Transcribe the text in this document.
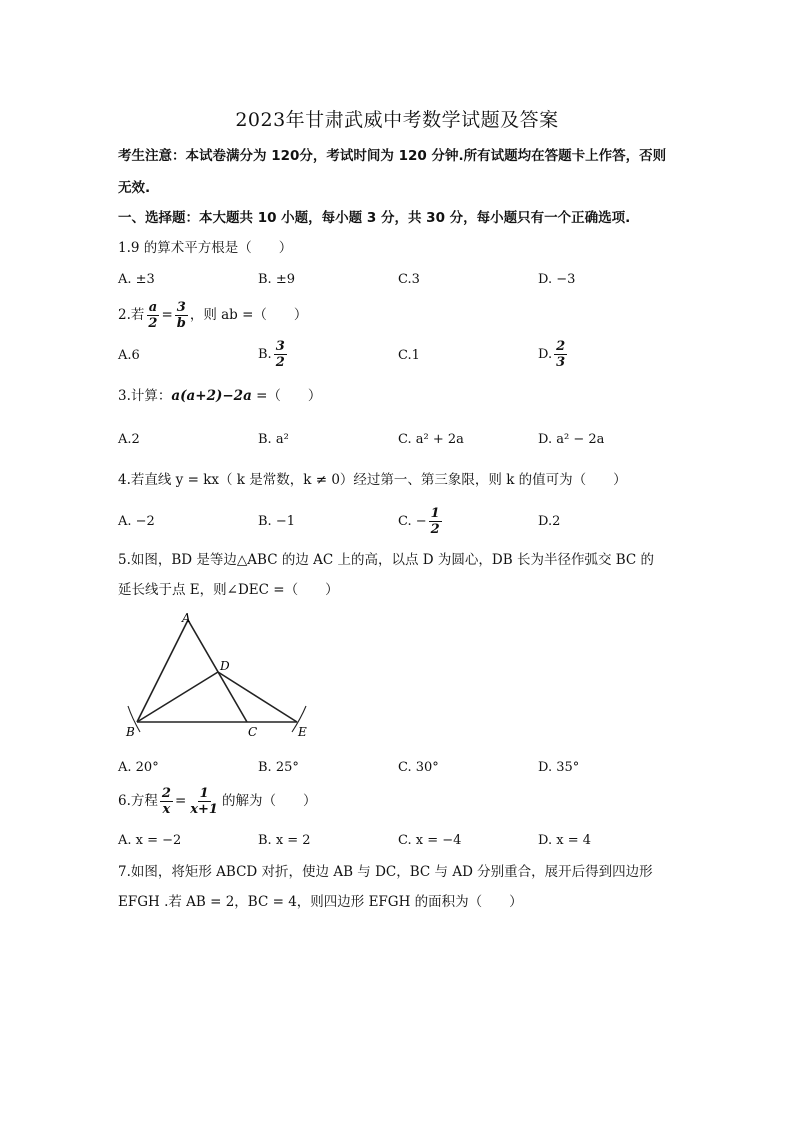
2023年甘肃武威中考数学试题及答案
考生注意：本试卷满分为 120分，考试时间为 120 分钟.所有试题均在答题卡上作答，否则
无效.
一、选择题：本大题共 10 小题，每小题 3 分，共 30 分，每小题只有一个正确选项.
1.9 的算术平方根是（　　）
A. ±3	B. ±9	C.3	D. −3
2.若 $\frac{a}{2} = \frac{3}{b}$ ，则 ab =（　　）
A.6	B. $\frac{3}{2}$	C.1	D. $\frac{2}{3}$
3.计算：a(a+2)−2a =（　　）
A.2	B. a²	C. a² + 2a	D. a² − 2a
4.若直线 y = kx（ k 是常数，k ≠ 0）经过第一、第三象限，则 k 的值可为（　　）
A. −2	B. −1	C. − $\frac{1}{2}$	D.2
5.如图，BD 是等边△ABC 的边 AC 上的高，以点 D 为圆心，DB 长为半径作弧交 BC 的
延长线于点 E，则∠DEC =（　　）
A
B	C
D
E
A. 20°	B. 25°	C. 30°	D. 35°
6.方程 $\frac{2}{x} = \frac{1}{x+1}$ 的解为（　　）
A. x = −2	B. x = 2	C. x = −4	D. x = 4
7.如图，将矩形 ABCD 对折，使边 AB 与 DC，BC 与 AD 分别重合，展开后得到四边形
EFGH .若 AB = 2，BC = 4，则四边形 EFGH 的面积为（　　）
